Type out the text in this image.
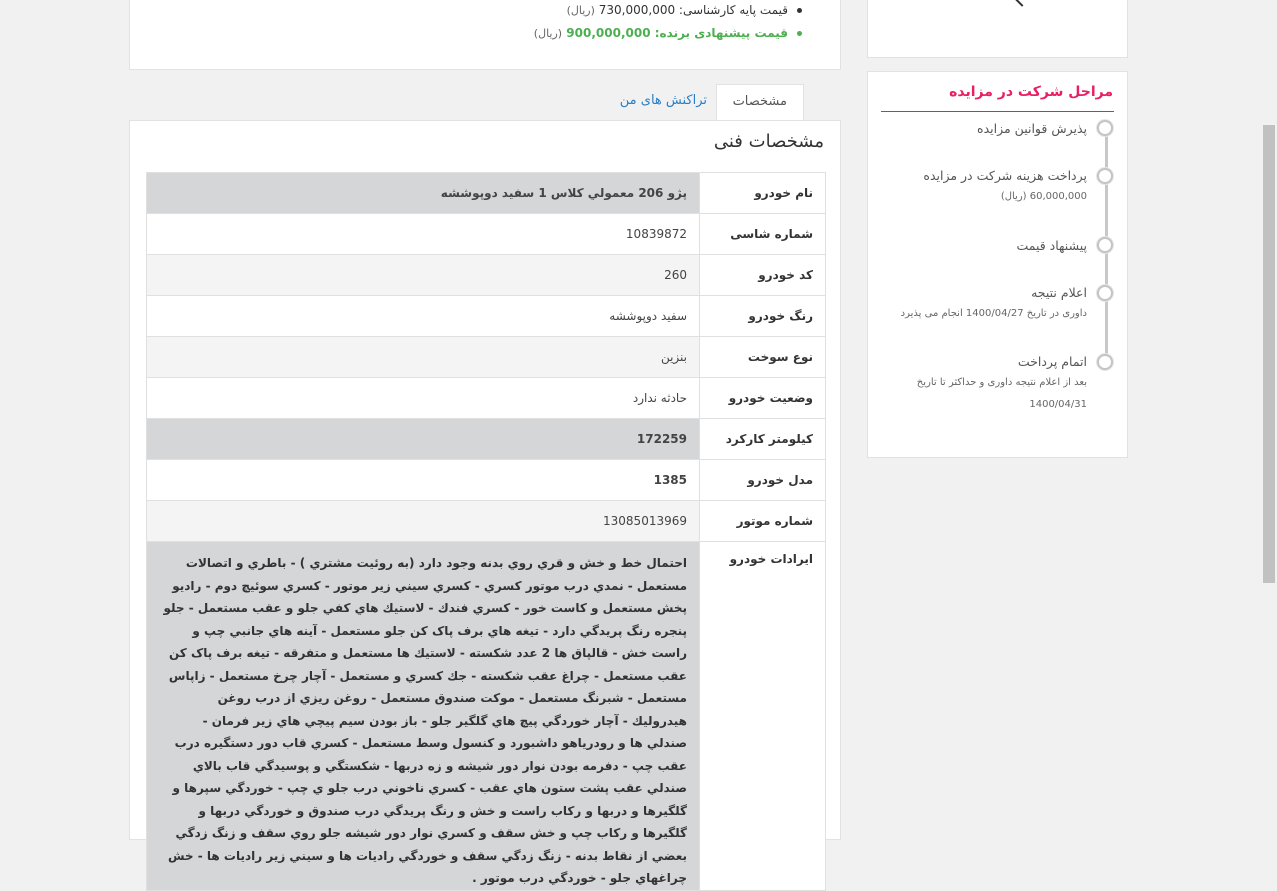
قیمت پایه کارشناسی: 730,000,000 (ریال)
قیمت پیشنهادی برنده: 900,000,000 (ریال)
مشخصات
تراکنش های من
مشخصات فنی
نام خودرو	پژو 206 معمولي كلاس 1 سفيد دوپوششه
شماره شاسی	10839872
کد خودرو	260
رنگ خودرو	سفيد دوپوششه
نوع سوخت	بنزین
وضعیت خودرو	حادثه ندارد
کیلومتر کارکرد	172259
مدل خودرو	1385
شماره موتور	13085013969
ایرادات خودرو	احتمال خط و خش و قري روي بدنه وجود دارد (به روئيت مشتري ) - باطري و اتصالات مستعمل - نمدي درب موتور كسري - كسري سيني زير موتور - كسري سوئيچ دوم - راديو پخش مستعمل و كاست خور - كسري فندك - لاستيك هاي كفي جلو و عقب مستعمل - جلو پنجره رنگ پريدگي دارد - تيغه هاي برف پاک كن جلو مستعمل - آينه هاي جانبي چپ و راست خش - قالپاق ها 2 عدد شكسته - لاستيك ها مستعمل و متفرقه - تيغه برف پاک كن عقب مستعمل - چراغ عقب شكسته - جك كسري و مستعمل - آچار چرخ مستعمل - زاپاس مستعمل - شبرنگ مستعمل - موكت صندوق مستعمل - روغن ريزي از درب روغن هيدروليك - آچار خوردگي پيچ هاي گلگير جلو - باز بودن سيم پيچي هاي زير فرمان - صندلي ها و رودرياهو داشبورد و كنسول وسط مستعمل - كسري قاب دور دستگيره درب عقب چپ - دفرمه بودن نوار دور شيشه و زه دربها - شكستگي و پوسيدگي قاب بالاي صندلي عقب پشت ستون هاي عقب - كسري ناخوني درب جلو ي چپ - خوردگي سپرها و گلگيرها و دربها و ركاب راست و خش و رنگ پريدگي درب صندوق و خوردگي دربها و گلگيرها و ركاب چپ و خش سقف و كسري نوار دور شيشه جلو روي سقف و زنگ زدگي بعضي از نقاط بدنه - زنگ زدگي سقف و خوردگي راديات ها و سيني زير راديات ها - خش چراغهاي جلو - خوردگي درب موتور .
مراحل شرکت در مزایده
پذیرش قوانین مزایده
پرداخت هزینه شرکت در مزایده
60,000,000 (ریال)
پیشنهاد قیمت
اعلام نتیجه
داوری در تاریخ 1400/04/27 انجام می پذیرد
اتمام پرداخت
بعد از اعلام نتیجه داوری و حداکثر تا تاریخ 1400/04/31
